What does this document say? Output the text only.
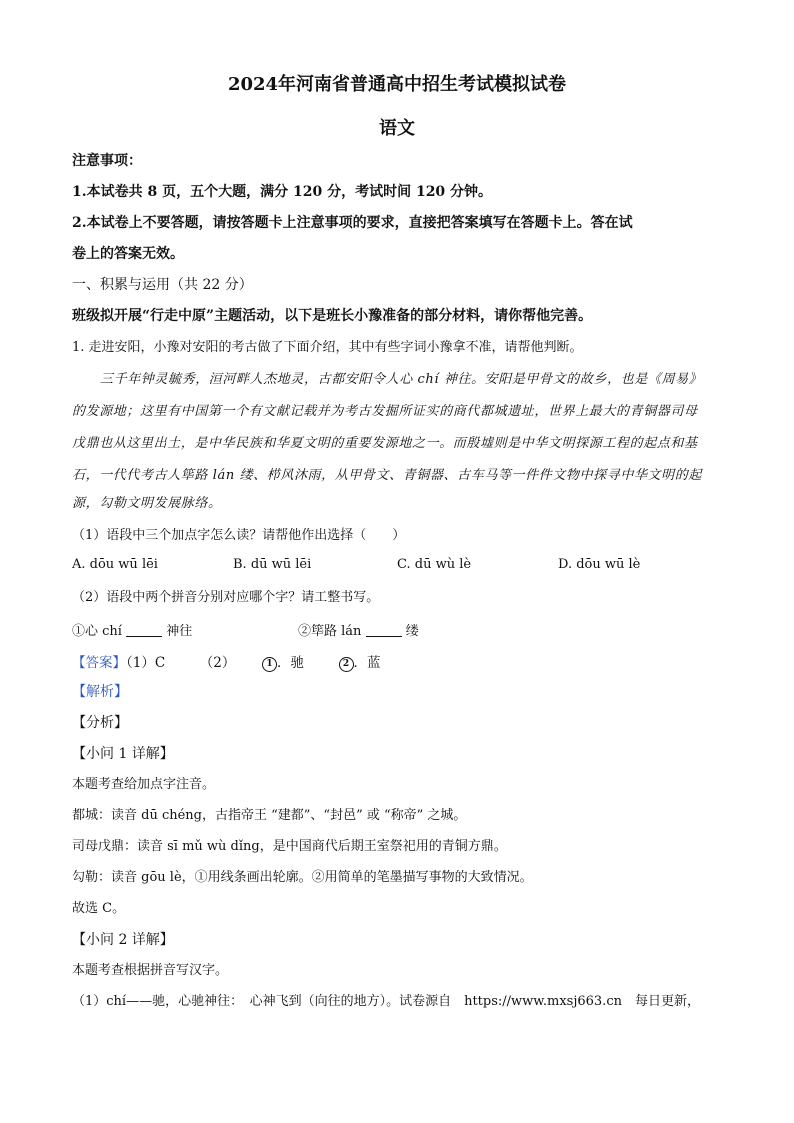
2024年河南省普通高中招生考试模拟试卷
语文
注意事项：
1.本试卷共 8 页，五个大题，满分 120 分，考试时间 120 分钟。
2.本试卷上不要答题，请按答题卡上注意事项的要求，直接把答案填写在答题卡上。答在试
卷上的答案无效。
一、积累与运用（共 22 分）
班级拟开展“行走中原”主题活动，以下是班长小豫准备的部分材料，请你帮他完善。
1. 走进安阳，小豫对安阳的考古做了下面介绍，其中有些字词小豫拿不准，请帮他判断。
三千年钟灵毓秀，洹河畔人杰地灵，古都安阳令人心 chí 神往。安阳是甲骨文的故乡，也是《周易》
的发源地；这里有中国第一个有文献记载并为考古发掘所证实的商代都城遗址，世界上最大的青铜器司母
戊鼎也从这里出土，是中华民族和华夏文明的重要发源地之一。而殷墟则是中华文明探源工程的起点和基
石，一代代考古人筚路 lán 缕、栉风沐雨，从甲骨文、青铜器、古车马等一件件文物中探寻中华文明的起
源，勾勒文明发展脉络。
（1）语段中三个加点字怎么读？请帮他作出选择（　　）
A. dōu wū lēi	B. dū wū lēi	C. dū wù lè	D. dōu wū lè
（2）语段中两个拼音分别对应哪个字？请工整书写。
①心 chí	神往	②筚路 lán	缕
【答案】（1）C	（2）	1 ．驰	2 ．蓝
【解析】
【分析】
【小问 1 详解】
本题考查给加点字注音。
都城：读音 dū chéng，古指帝王 “建都”、“封邑” 或 “称帝” 之城。
司母戊鼎：读音 sī mǔ wù dǐng，是中国商代后期王室祭祀用的青铜方鼎。
勾勒：读音 gōu lè，①用线条画出轮廓。②用简单的笔墨描写事物的大致情况。
故选 C。
【小问 2 详解】
本题考查根据拼音写汉字。
（1）chí——驰，心驰神往：　心神飞到（向往的地方）。试卷源自　https://www.mxsj663.cn　每日更新，
